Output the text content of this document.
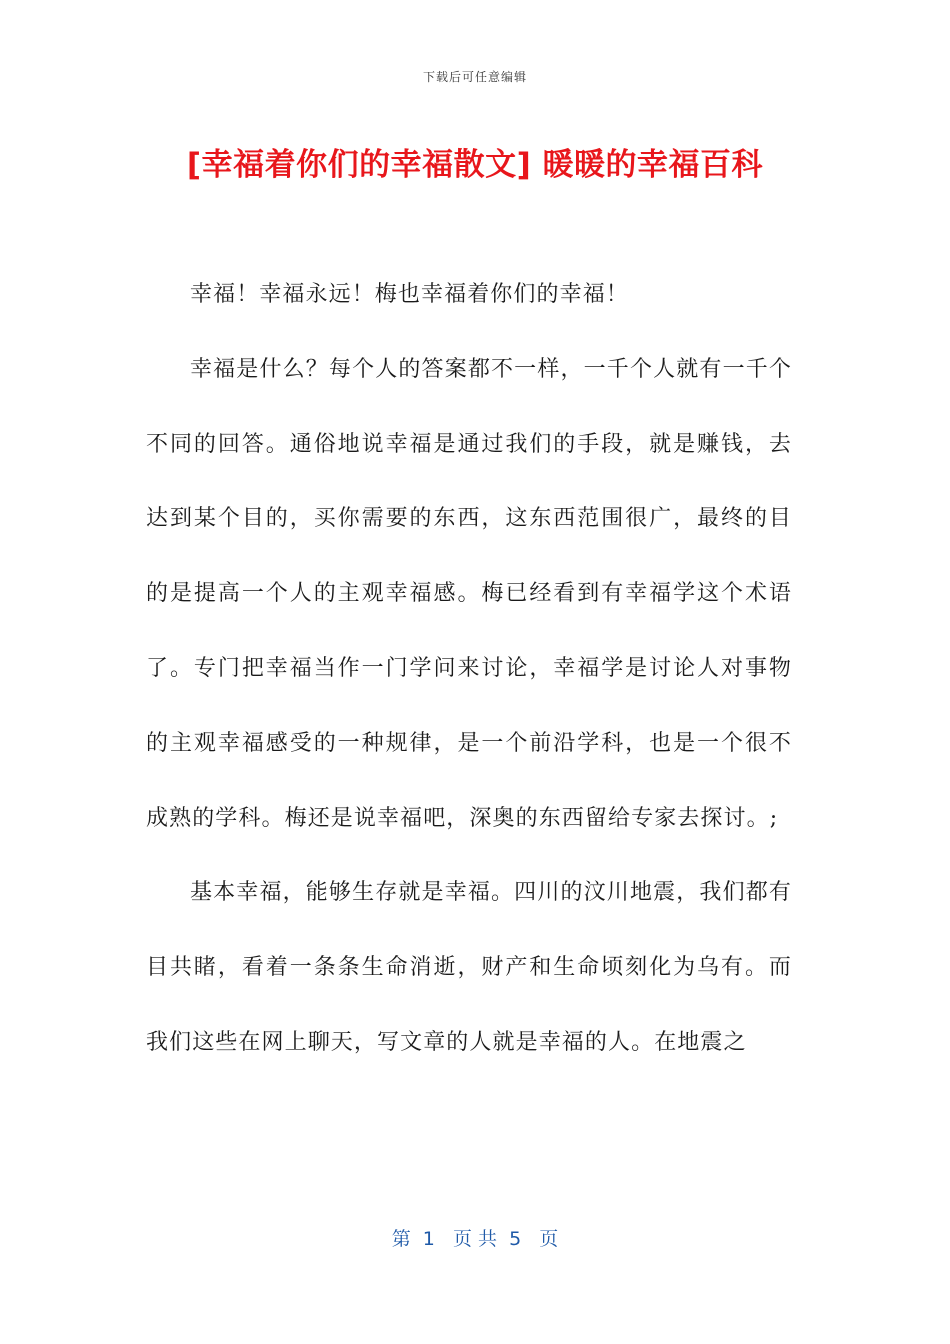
下载后可任意编辑
[幸福着你们的幸福散文] 暖暖的幸福百科

幸福！幸福永远！梅也幸福着你们的幸福！

幸福是什么？每个人的答案都不一样，一千个人就有一千个不同的回答。通俗地说幸福是通过我们的手段，就是赚钱，去达到某个目的，买你需要的东西，这东西范围很广，最终的目的是提高一个人的主观幸福感。梅已经看到有幸福学这个术语了。专门把幸福当作一门学问来讨论，幸福学是讨论人对事物的主观幸福感受的一种规律，是一个前沿学科，也是一个很不成熟的学科。梅还是说幸福吧，深奥的东西留给专家去探讨。;

基本幸福，能够生存就是幸福。四川的汶川地震，我们都有目共睹，看着一条条生命消逝，财产和生命顷刻化为乌有。而我们这些在网上聊天，写文章的人就是幸福的人。在地震之

第  1   页 共  5   页
